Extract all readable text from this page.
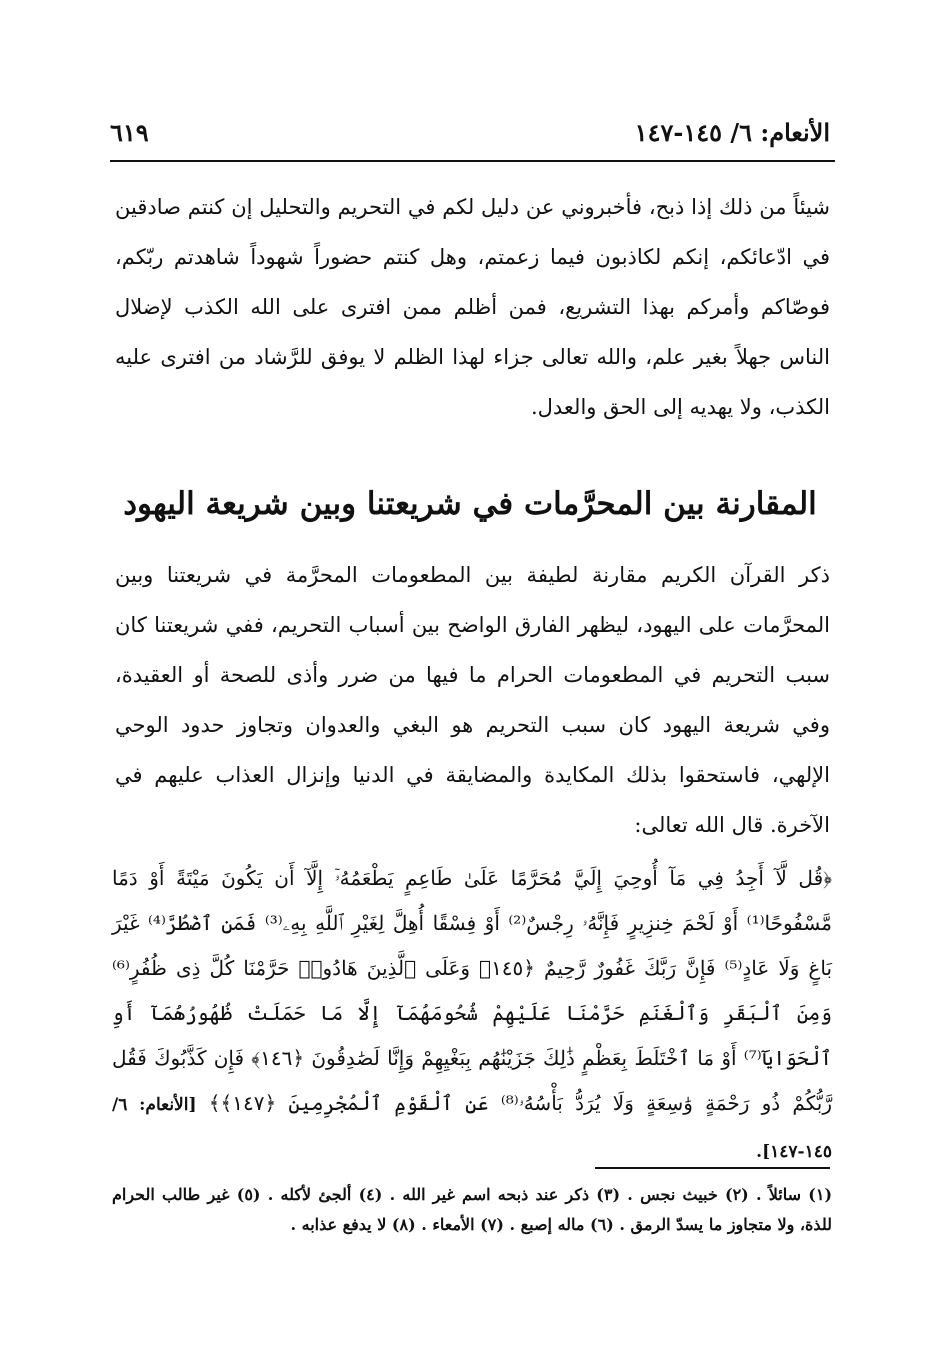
الأنعام: ٦/ ١٤٥-١٤٧
٦١٩

شيئاً من ذلك إذا ذبح، فأخبروني عن دليل لكم في التحريم والتحليل إن كنتم صادقين في ادّعائكم، إنكم لكاذبون فيما زعمتم، وهل كنتم حضوراً شهوداً شاهدتم ربّكم، فوصّاكم وأمركم بهذا التشريع، فمن أظلم ممن افترى على الله الكذب لإضلال الناس جهلاً بغير علم، والله تعالى جزاء لهذا الظلم لا يوفق للرَّشاد من افترى عليه الكذب، ولا يهديه إلى الحق والعدل.

المقارنة بين المحرَّمات في شريعتنا وبين شريعة اليهود

ذكر القرآن الكريم مقارنة لطيفة بين المطعومات المحرَّمة في شريعتنا وبين المحرَّمات على اليهود، ليظهر الفارق الواضح بين أسباب التحريم، ففي شريعتنا كان سبب التحريم في المطعومات الحرام ما فيها من ضرر وأذى للصحة أو العقيدة، وفي شريعة اليهود كان سبب التحريم هو البغي والعدوان وتجاوز حدود الوحي الإلهي، فاستحقوا بذلك المكايدة والمضايقة في الدنيا وإنزال العذاب عليهم في الآخرة. قال الله تعالى:

﴿قُل لَّآ أَجِدُ فِي مَآ أُوحِيَ إِلَيَّ مُحَرَّمًا عَلَىٰ طَاعِمٍ يَطْعَمُهُۥٓ إِلَّآ أَن يَكُونَ مَيْتَةً أَوْ دَمًا مَّسْفُوحًا⁽¹⁾ أَوْ لَحْمَ خِنزِيرٍ فَإِنَّهُۥ رِجْسٌ⁽²⁾ أَوْ فِسْقًا أُهِلَّ لِغَيْرِ ٱللَّهِ بِهِۦ⁽³⁾ فَمَنِ ٱضْطُرَّ⁽⁴⁾ غَيْرَ بَاغٍ وَلَا عَادٍ⁽⁵⁾ فَإِنَّ رَبَّكَ غَفُورٌ رَّحِيمٌ ﴿١٤٥﴾ وَعَلَى ٱلَّذِينَ هَادُوا۟ حَرَّمْنَا كُلَّ ذِى ظُفُرٍ⁽⁶⁾ وَمِنَ ٱلْبَقَرِ وَٱلْغَنَمِ حَرَّمْنَا عَلَيْهِمْ شُحُومَهُمَآ إِلَّا مَا حَمَلَتْ ظُهُورُهُمَآ أَوِ ٱلْحَوَايَآ⁽⁷⁾ أَوْ مَا ٱخْتَلَطَ بِعَظْمٍ ذَٰلِكَ جَزَيْنَٰهُم بِبَغْيِهِمْ وَإِنَّا لَصَٰدِقُونَ ﴿١٤٦﴾ فَإِن كَذَّبُوكَ فَقُل رَّبُّكُمْ ذُو رَحْمَةٍ وَٰسِعَةٍ وَلَا يُرَدُّ بَأْسُهُۥ⁽⁸⁾ عَنِ ٱلْقَوْمِ ٱلْمُجْرِمِينَ ﴿١٤٧﴾﴾ [الأنعام: ٦/ ١٤٥-١٤٧].

(١) سائلاً . (٢) خبيث نجس . (٣) ذكر عند ذبحه اسم غير الله . (٤) ألجئ لأكله . (٥) غير طالب الحرام للذة، ولا متجاوز ما يسدّ الرمق . (٦) ماله إصبع . (٧) الأمعاء . (٨) لا يدفع عذابه .
